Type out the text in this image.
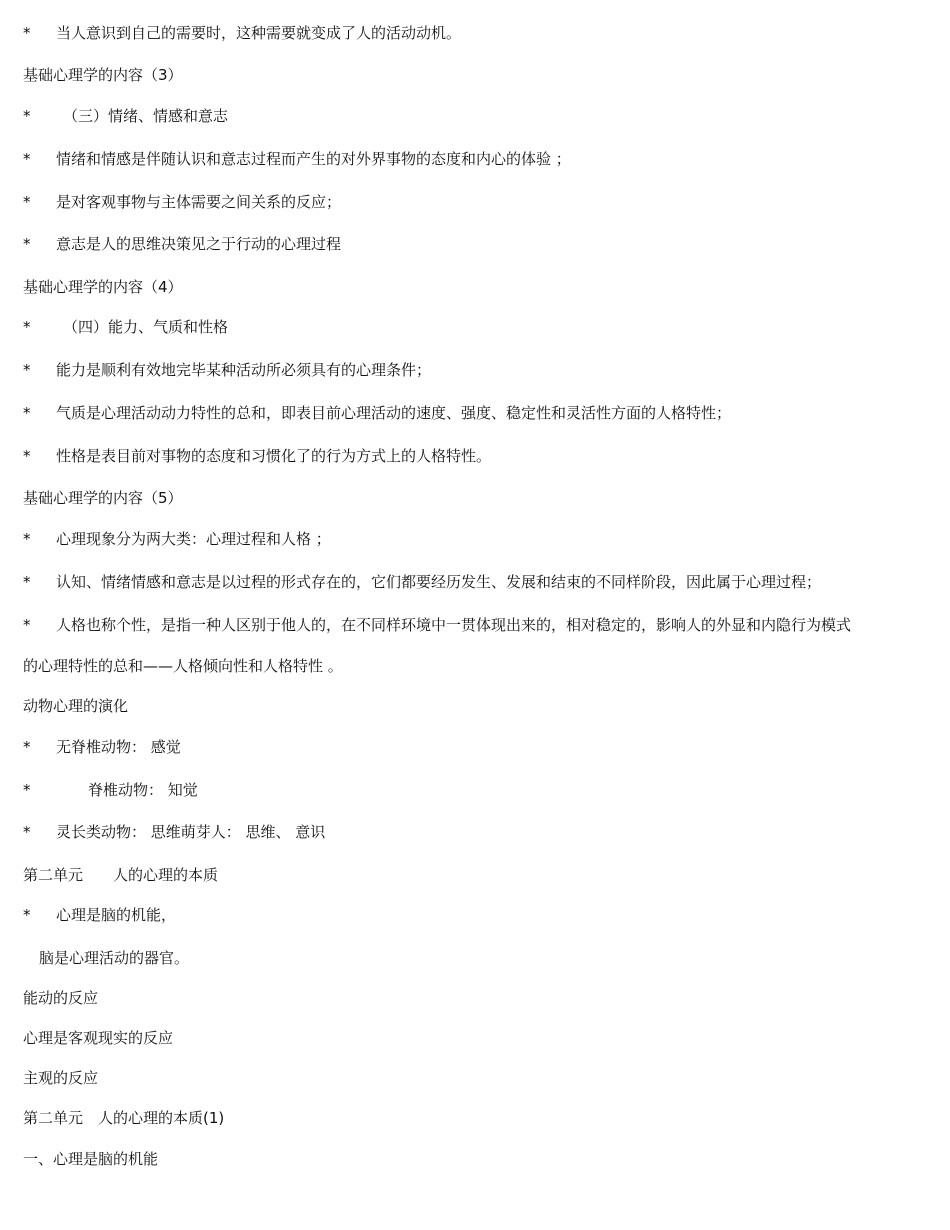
* 当人意识到自己的需要时，这种需要就变成了人的活动动机。
基础心理学的内容（3）
* （三）情绪、情感和意志
* 情绪和情感是伴随认识和意志过程而产生的对外界事物的态度和内心的体验 ；
* 是对客观事物与主体需要之间关系的反应；
* 意志是人的思维决策见之于行动的心理过程
基础心理学的内容（4）
* （四）能力、气质和性格
* 能力是顺利有效地完毕某种活动所必须具有的心理条件；
* 气质是心理活动动力特性的总和，即表目前心理活动的速度、强度、稳定性和灵活性方面的人格特性；
* 性格是表目前对事物的态度和习惯化了的行为方式上的人格特性。
基础心理学的内容（5）
* 心理现象分为两大类：心理过程和人格 ；
* 认知、情绪情感和意志是以过程的形式存在的，它们都要经历发生、发展和结束的不同样阶段，因此属于心理过程；
* 人格也称个性，是指一种人区别于他人的，在不同样环境中一贯体现出来的，相对稳定的，影响人的外显和内隐行为模式
的心理特性的总和——人格倾向性和人格特性 。
动物心理的演化
* 无脊椎动物： 感觉
*	脊椎动物： 知觉
* 灵长类动物： 思维萌芽人： 思维、 意识
第二单元　　人的心理的本质
* 心理是脑的机能，
脑是心理活动的器官。
能动的反应
心理是客观现实的反应
主观的反应
第二单元　人的心理的本质(1)
一、心理是脑的机能
